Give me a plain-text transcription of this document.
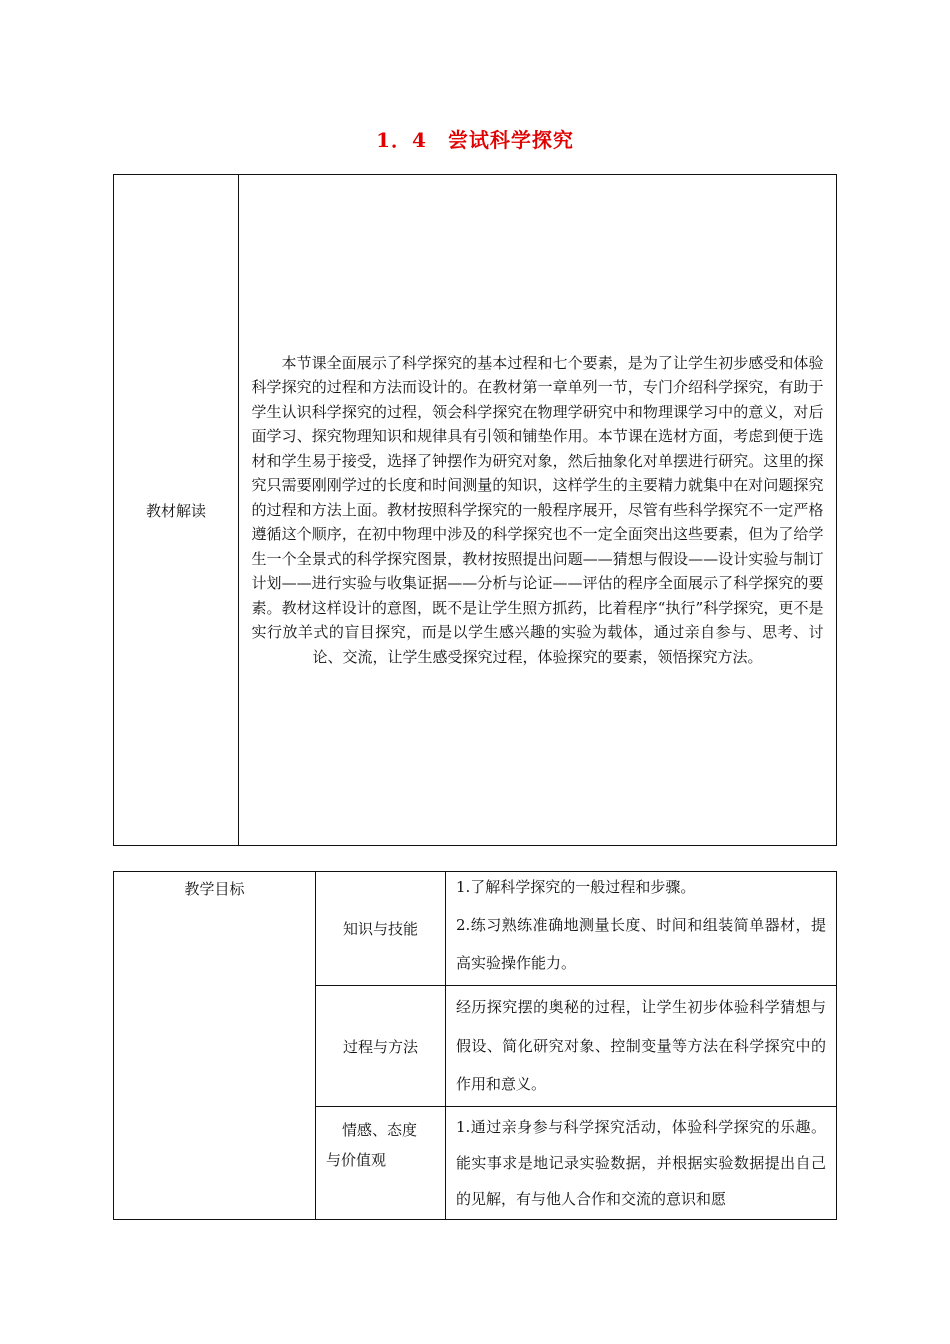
1．4　尝试科学探究
教材解读
本节课全面展示了科学探究的基本过程和七个要素，是为了让学生初步感受和体验科学探究的过程和方法而设计的。在教材第一章单列一节，专门介绍科学探究，有助于学生认识科学探究的过程，领会科学探究在物理学研究中和物理课学习中的意义，对后面学习、探究物理知识和规律具有引领和铺垫作用。本节课在选材方面，考虑到便于选材和学生易于接受，选择了钟摆作为研究对象，然后抽象化对单摆进行研究。这里的探究只需要刚刚学过的长度和时间测量的知识，这样学生的主要精力就集中在对问题探究的过程和方法上面。教材按照科学探究的一般程序展开，尽管有些科学探究不一定严格遵循这个顺序，在初中物理中涉及的科学探究也不一定全面突出这些要素，但为了给学生一个全景式的科学探究图景，教材按照提出问题——猜想与假设——设计实验与制订计划——进行实验与收集证据——分析与论证——评估的程序全面展示了科学探究的要素。教材这样设计的意图，既不是让学生照方抓药，比着程序“执行”科学探究，更不是实行放羊式的盲目探究，而是以学生感兴趣的实验为载体，通过亲自参与、思考、讨论、交流，让学生感受探究过程，体验探究的要素，领悟探究方法。
教学目标
知识与技能

1.了解科学探究的一般过程和步骤。

2.练习熟练准确地测量长度、时间和组装简单器材，提高实验操作能力。

过程与方法
经历探究摆的奥秘的过程，让学生初步体验科学猜想与假设、简化研究对象、控制变量等方法在科学探究中的作用和意义。
情感、态度
与价值观
1.通过亲身参与科学探究活动，体验科学探究的乐趣。能实事求是地记录实验数据，并根据实验数据提出自己的见解，有与他人合作和交流的意识和愿
